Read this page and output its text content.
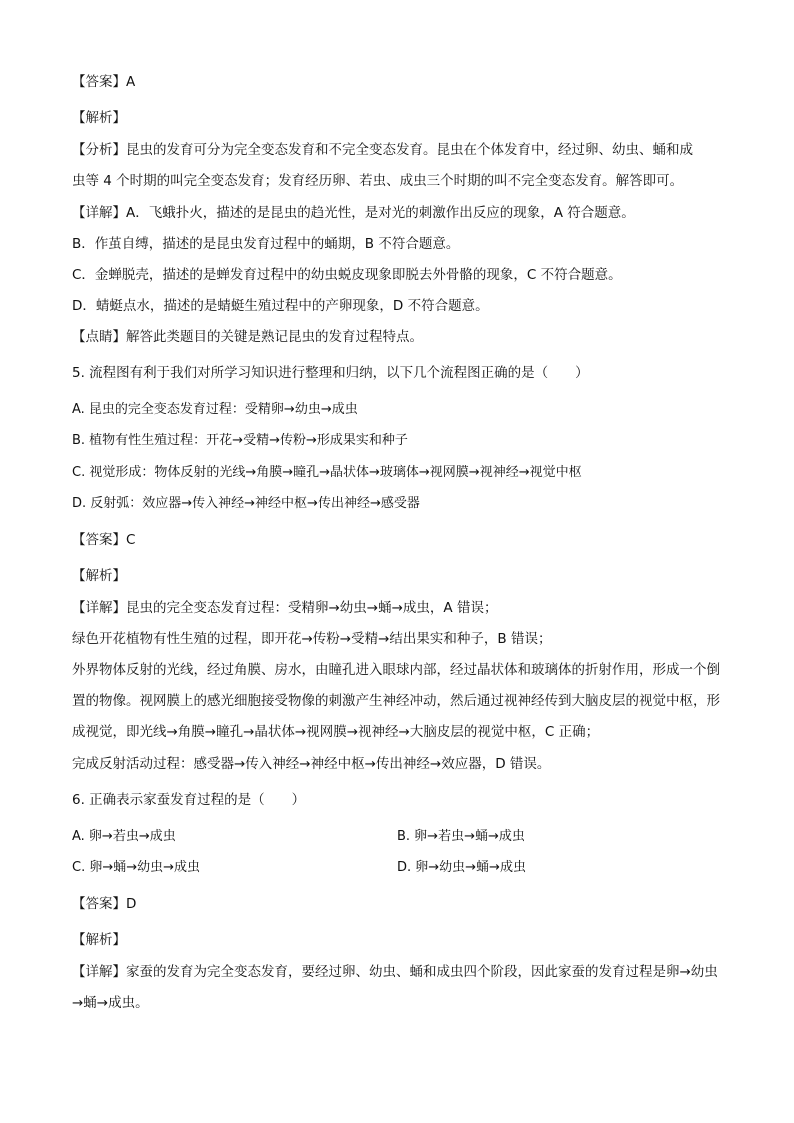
【答案】A
【解析】
【分析】昆虫的发育可分为完全变态发育和不完全变态发育。昆虫在个体发育中，经过卵、幼虫、蛹和成
虫等 4 个时期的叫完全变态发育；发育经历卵、若虫、成虫三个时期的叫不完全变态发育。解答即可。
【详解】A．飞蛾扑火，描述的是昆虫的趋光性，是对光的刺激作出反应的现象，A 符合题意。
B．作茧自缚，描述的是昆虫发育过程中的蛹期，B 不符合题意。
C．金蝉脱壳，描述的是蝉发育过程中的幼虫蜕皮现象即脱去外骨骼的现象，C 不符合题意。
D．蜻蜓点水，描述的是蜻蜓生殖过程中的产卵现象，D 不符合题意。
【点睛】解答此类题目的关键是熟记昆虫的发育过程特点。
5. 流程图有利于我们对所学习知识进行整理和归纳，以下几个流程图正确的是（　　）
A. 昆虫的完全变态发育过程：受精卵→幼虫→成虫
B. 植物有性生殖过程：开花→受精→传粉→形成果实和种子
C. 视觉形成：物体反射的光线→角膜→瞳孔→晶状体→玻璃体→视网膜→视神经→视觉中枢
D. 反射弧：效应器→传入神经→神经中枢→传出神经→感受器
【答案】C
【解析】
【详解】昆虫的完全变态发育过程：受精卵→幼虫→蛹→成虫，A 错误；
绿色开花植物有性生殖的过程，即开花→传粉→受精→结出果实和种子，B 错误；
外界物体反射的光线，经过角膜、房水，由瞳孔进入眼球内部，经过晶状体和玻璃体的折射作用，形成一个倒置的物像。视网膜上的感光细胞接受物像的刺激产生神经冲动，然后通过视神经传到大脑皮层的视觉中枢，形成视觉，即光线→角膜→瞳孔→晶状体→视网膜→视神经→大脑皮层的视觉中枢，C 正确；
完成反射活动过程：感受器→传入神经→神经中枢→传出神经→效应器，D 错误。
6. 正确表示家蚕发育过程的是（　　）
A. 卵→若虫→成虫	B. 卵→若虫→蛹→成虫
C. 卵→蛹→幼虫→成虫	D. 卵→幼虫→蛹→成虫
【答案】D
【解析】
【详解】家蚕的发育为完全变态发育，要经过卵、幼虫、蛹和成虫四个阶段，因此家蚕的发育过程是卵→幼虫→蛹→成虫。
